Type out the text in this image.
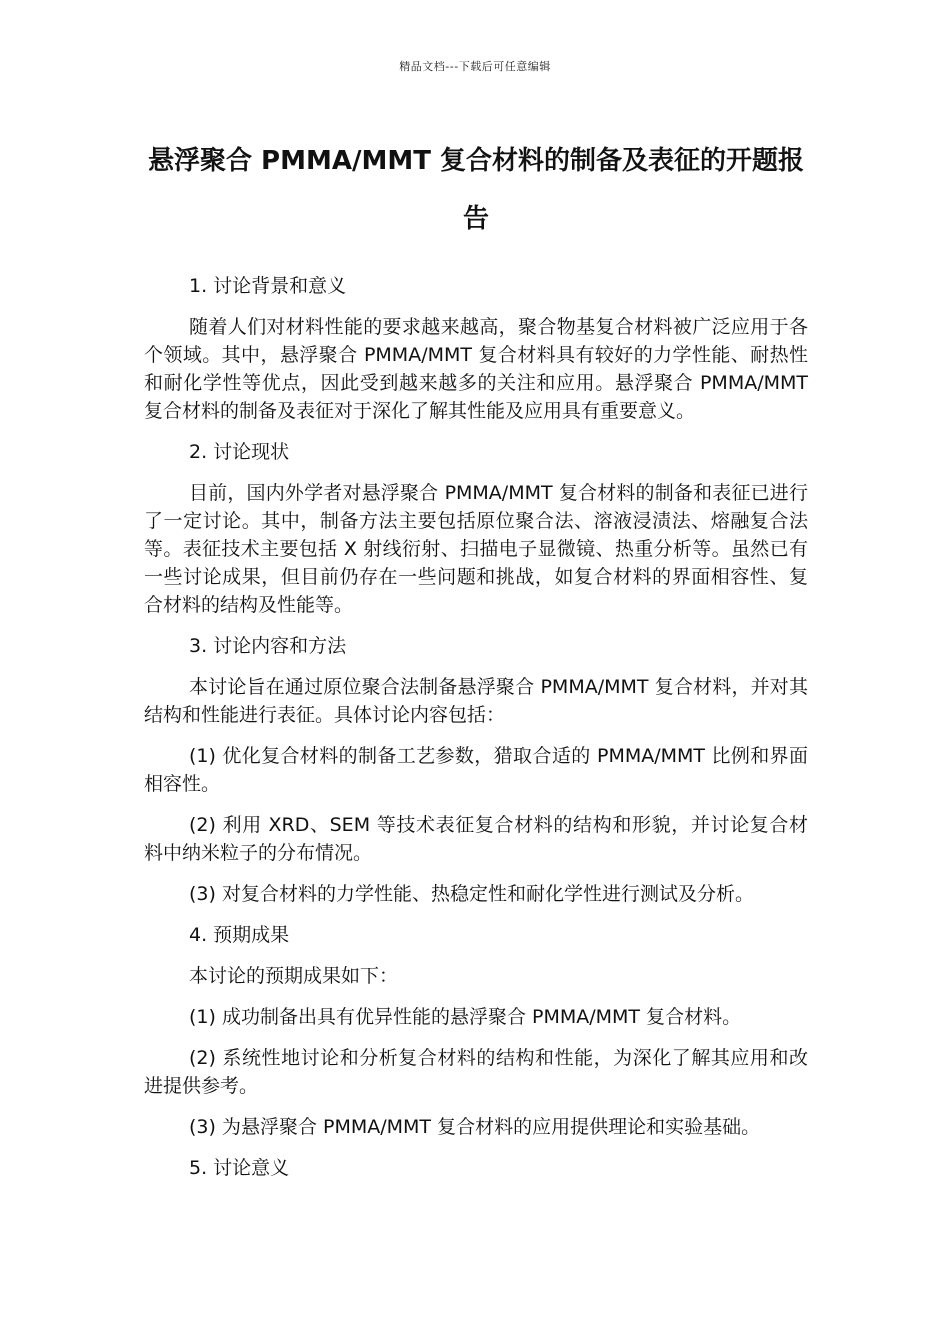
精品文档---下载后可任意编辑
悬浮聚合 PMMA/MMT 复合材料的制备及表征的开题报告

1. 讨论背景和意义

随着人们对材料性能的要求越来越高，聚合物基复合材料被广泛应用于各个领域。其中，悬浮聚合 PMMA/MMT 复合材料具有较好的力学性能、耐热性和耐化学性等优点，因此受到越来越多的关注和应用。悬浮聚合 PMMA/MMT 复合材料的制备及表征对于深化了解其性能及应用具有重要意义。

2. 讨论现状

目前，国内外学者对悬浮聚合 PMMA/MMT 复合材料的制备和表征已进行了一定讨论。其中，制备方法主要包括原位聚合法、溶液浸渍法、熔融复合法等。表征技术主要包括 X 射线衍射、扫描电子显微镜、热重分析等。虽然已有一些讨论成果，但目前仍存在一些问题和挑战，如复合材料的界面相容性、复合材料的结构及性能等。

3. 讨论内容和方法

本讨论旨在通过原位聚合法制备悬浮聚合 PMMA/MMT 复合材料，并对其结构和性能进行表征。具体讨论内容包括：

(1) 优化复合材料的制备工艺参数，猎取合适的 PMMA/MMT 比例和界面相容性。

(2) 利用 XRD、SEM 等技术表征复合材料的结构和形貌，并讨论复合材料中纳米粒子的分布情况。

(3) 对复合材料的力学性能、热稳定性和耐化学性进行测试及分析。

4. 预期成果

本讨论的预期成果如下：

(1) 成功制备出具有优异性能的悬浮聚合 PMMA/MMT 复合材料。

(2) 系统性地讨论和分析复合材料的结构和性能，为深化了解其应用和改进提供参考。

(3) 为悬浮聚合 PMMA/MMT 复合材料的应用提供理论和实验基础。

5. 讨论意义
